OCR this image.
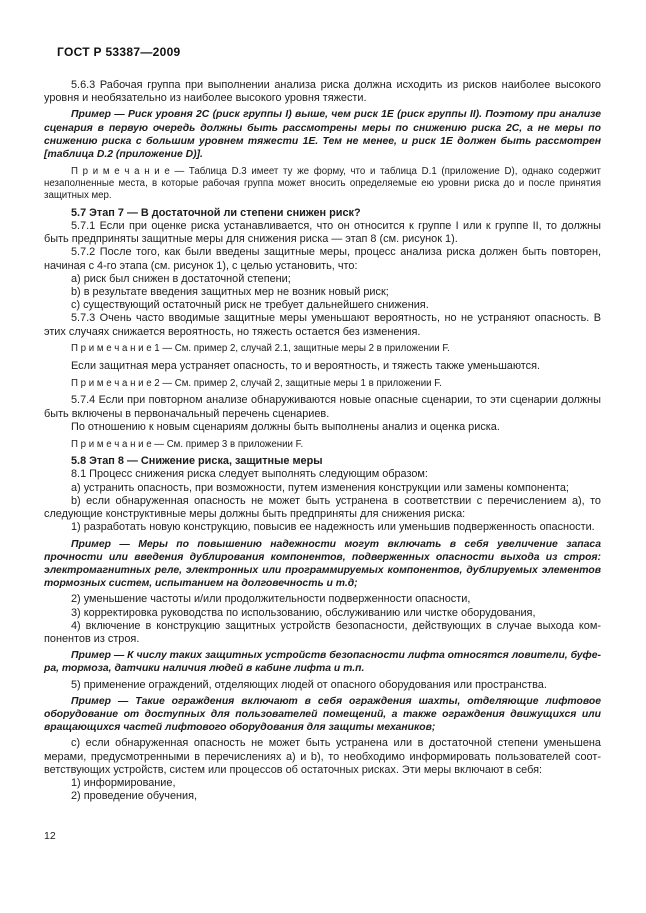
ГОСТ Р 53387—2009

5.6.3 Рабочая группа при выполнении анализа риска должна исходить из рисков наиболее высокого уровня и необязательно из наиболее высокого уровня тяжести.

Пример — Риск уровня 2С (риск группы I) выше, чем риск 1Е (риск группы II). Поэтому при анализе сценария в первую очередь должны быть рассмотрены меры по снижению риска 2С, а не меры по снижению риска с большим уровнем тяжести 1Е. Тем не менее, и риск 1Е должен быть рассмотрен [таблица D.2 (приложение D)].

П р и м е ч а н и е — Таблица D.3 имеет ту же форму, что и таблица D.1 (приложение D), однако содержит незаполненные места, в которые рабочая группа может вносить определяемые ею уровни риска до и после принятия защитных мер.

5.7 Этап 7 — В достаточной ли степени снижен риск?

5.7.1 Если при оценке риска устанавливается, что он относится к группе I или к группе II, то должны быть предприняты защитные меры для снижения риска — этап 8 (см. рисунок 1).

5.7.2 После того, как были введены защитные меры, процесс анализа риска должен быть повторен, начиная с 4-го этапа (см. рисунок 1), с целью установить, что:

a) риск был снижен в достаточной степени;

b) в результате введения защитных мер не возник новый риск;

c) существующий остаточный риск не требует дальнейшего снижения.

5.7.3 Очень часто вводимые защитные меры уменьшают вероятность, но не устраняют опасность. В этих случаях снижается вероятность, но тяжесть остается без изменения.

П р и м е ч а н и е 1 — См. пример 2, случай 2.1, защитные меры 2 в приложении F.

Если защитная мера устраняет опасность, то и вероятность, и тяжесть также уменьшаются.

П р и м е ч а н и е 2 — См. пример 2, случай 2, защитные меры 1 в приложении F.

5.7.4 Если при повторном анализе обнаруживаются новые опасные сценарии, то эти сценарии должны быть включены в первоначальный перечень сценариев.

По отношению к новым сценариям должны быть выполнены анализ и оценка риска.

П р и м е ч а н и е — См. пример 3 в приложении F.

5.8 Этап 8 — Снижение риска, защитные меры

8.1 Процесс снижения риска следует выполнять следующим образом:

a) устранить опасность, при возможности, путем изменения конструкции или замены компонента;

b) если обнаруженная опасность не может быть устранена в соответствии с перечислением a), то следующие конструктивные меры должны быть предприняты для снижения риска:

1) разработать новую конструкцию, повысив ее надежность или уменьшив подверженность опасности.

Пример — Меры по повышению надежности могут включать в себя увеличение запаса прочности или введения дублирования компонентов, подверженных опасности выхода из строя: электромагнитных реле, электронных или программируемых компонентов, дублируемых элементов тормозных систем, испытанием на долговечность и т.д;

2) уменьшение частоты и/или продолжительности подверженности опасности,

3) корректировка руководства по использованию, обслуживанию или чистке оборудования,

4) включение в конструкцию защитных устройств безопасности, действующих в случае выхода компонентов из строя.

Пример — К числу таких защитных устройств безопасности лифта относятся ловители, буфера, тормоза, датчики наличия людей в кабине лифта и т.п.

5) применение ограждений, отделяющих людей от опасного оборудования или пространства.

Пример — Такие ограждения включают в себя ограждения шахты, отделяющие лифтовое оборудование от доступных для пользователей помещений, а также ограждения движущихся или вращающихся частей лифтового оборудования для защиты механиков;

c) если обнаруженная опасность не может быть устранена или в достаточной степени уменьшена мерами, предусмотренными в перечислениях a) и b), то необходимо информировать пользователей соответствующих устройств, систем или процессов об остаточных рисках. Эти меры включают в себя:

1) информирование,

2) проведение обучения,

12
